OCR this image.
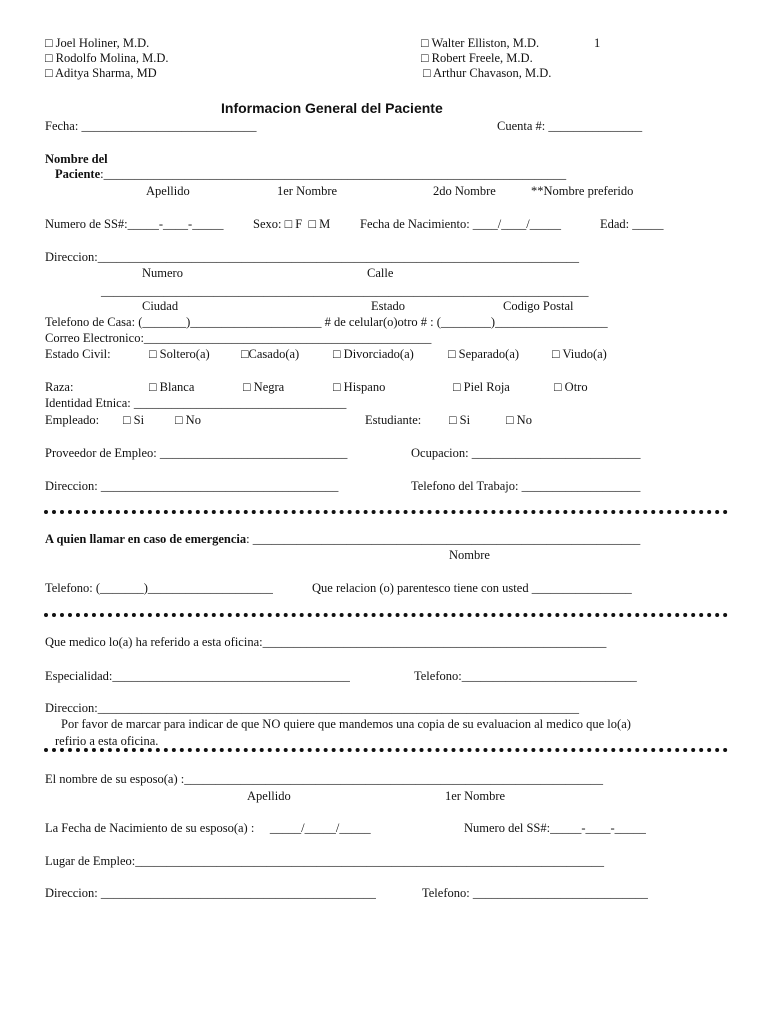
□ Joel Holiner, M.D.
□ Rodolfo Molina, M.D.
□ Aditya Sharma, MD
□ Walter Elliston, M.D.
□ Robert Freele, M.D.
□ Arthur Chavason, M.D.
1
Informacion General del Paciente
Fecha: ____________________________	Cuenta #: _______________
Nombre del
Paciente:__________________________________________________________________________
Apellido	1er Nombre	2do Nombre	**Nombre preferido
Numero de SS#:_____-____-_____ Sexo: □ F  □ M Fecha de Nacimiento: ____/____/_____	Edad: _____
Direccion:_____________________________________________________________________________
Numero	Calle
______________________________________________________________________________
Ciudad	Estado	Codigo Postal
Telefono de Casa: (_______)_____________________ # de celular(o)otro # : (________)__________________
Correo Electronico:______________________________________________
Estado Civil:	□ Soltero(a)	□Casado(a)	□ Divorciado(a)	□ Separado(a)	□ Viudo(a)
Raza:	□ Blanca	□ Negra	□ Hispano	□ Piel Roja	□ Otro
Identidad Etnica: __________________________________
Empleado: □ Si □ No	Estudiante: □ Si	□ No
Proveedor de Empleo: ______________________________	Ocupacion: ___________________________
Direccion: ______________________________________	Telefono del Trabajo: ___________________
A quien llamar en caso de emergencia: ______________________________________________________________
Nombre
Telefono: (_______)____________________	Que relacion (o) parentesco tiene con usted ________________
Que medico lo(a) ha referido a esta oficina:_______________________________________________________
Especialidad:______________________________________	Telefono:____________________________
Direccion:_____________________________________________________________________________
Por favor de marcar para indicar de que NO quiere que mandemos una copia de su evaluacion al medico que lo(a)
refirio a esta oficina.
El nombre de su esposo(a) :___________________________________________________________________
Apellido	1er Nombre
La Fecha de Nacimiento de su esposo(a) :     _____/_____/_____	Numero del SS#:_____-____-_____
Lugar de Empleo:___________________________________________________________________________
Direccion: ____________________________________________	Telefono: ____________________________
